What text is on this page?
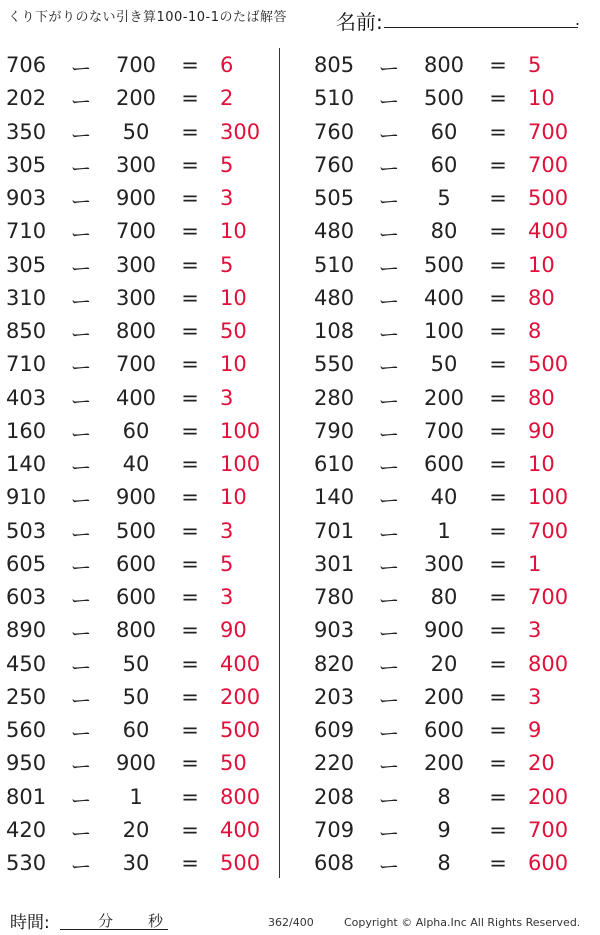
くり下がりのない引き算100-10-1のたば解答 名前:	.
706	ー	700	= 6
202	ー	200	= 2
350	ー	50	= 300
305	ー	300	= 5
903	ー	900	= 3
710	ー	700	= 10
305	ー	300	= 5
310	ー	300	= 10
850	ー	800	= 50
710	ー	700	= 10
403	ー	400	= 3
160	ー	60	= 100
140	ー	40	= 100
910	ー	900	= 10
503	ー	500	= 3
605	ー	600	= 5
603	ー	600	= 3
890	ー	800	= 90
450	ー	50	= 400
250	ー	50	= 200
560	ー	60	= 500
950	ー	900	= 50
801	ー	1	= 800
420	ー	20	= 400
530	ー	30	= 500
805	ー	800	= 5
510	ー	500	= 10
760	ー	60	= 700
760	ー	60	= 700
505	ー	5	= 500
480	ー	80	= 400
510	ー	500	= 10
480	ー	400	= 80
108	ー	100	= 8
550	ー	50	= 500
280	ー	200	= 80
790	ー	700	= 90
610	ー	600	= 10
140	ー	40	= 100
701	ー	1	= 700
301	ー	300	= 1
780	ー	80	= 700
903	ー	900	= 3
820	ー	20	= 800
203	ー	200	= 3
609	ー	600	= 9
220	ー	200	= 20
208	ー	8	= 200
709	ー	9	= 700
608	ー	8	= 600
時間:	分 秒	362/400	Copyright © Alpha.Inc All Rights Reserved.
